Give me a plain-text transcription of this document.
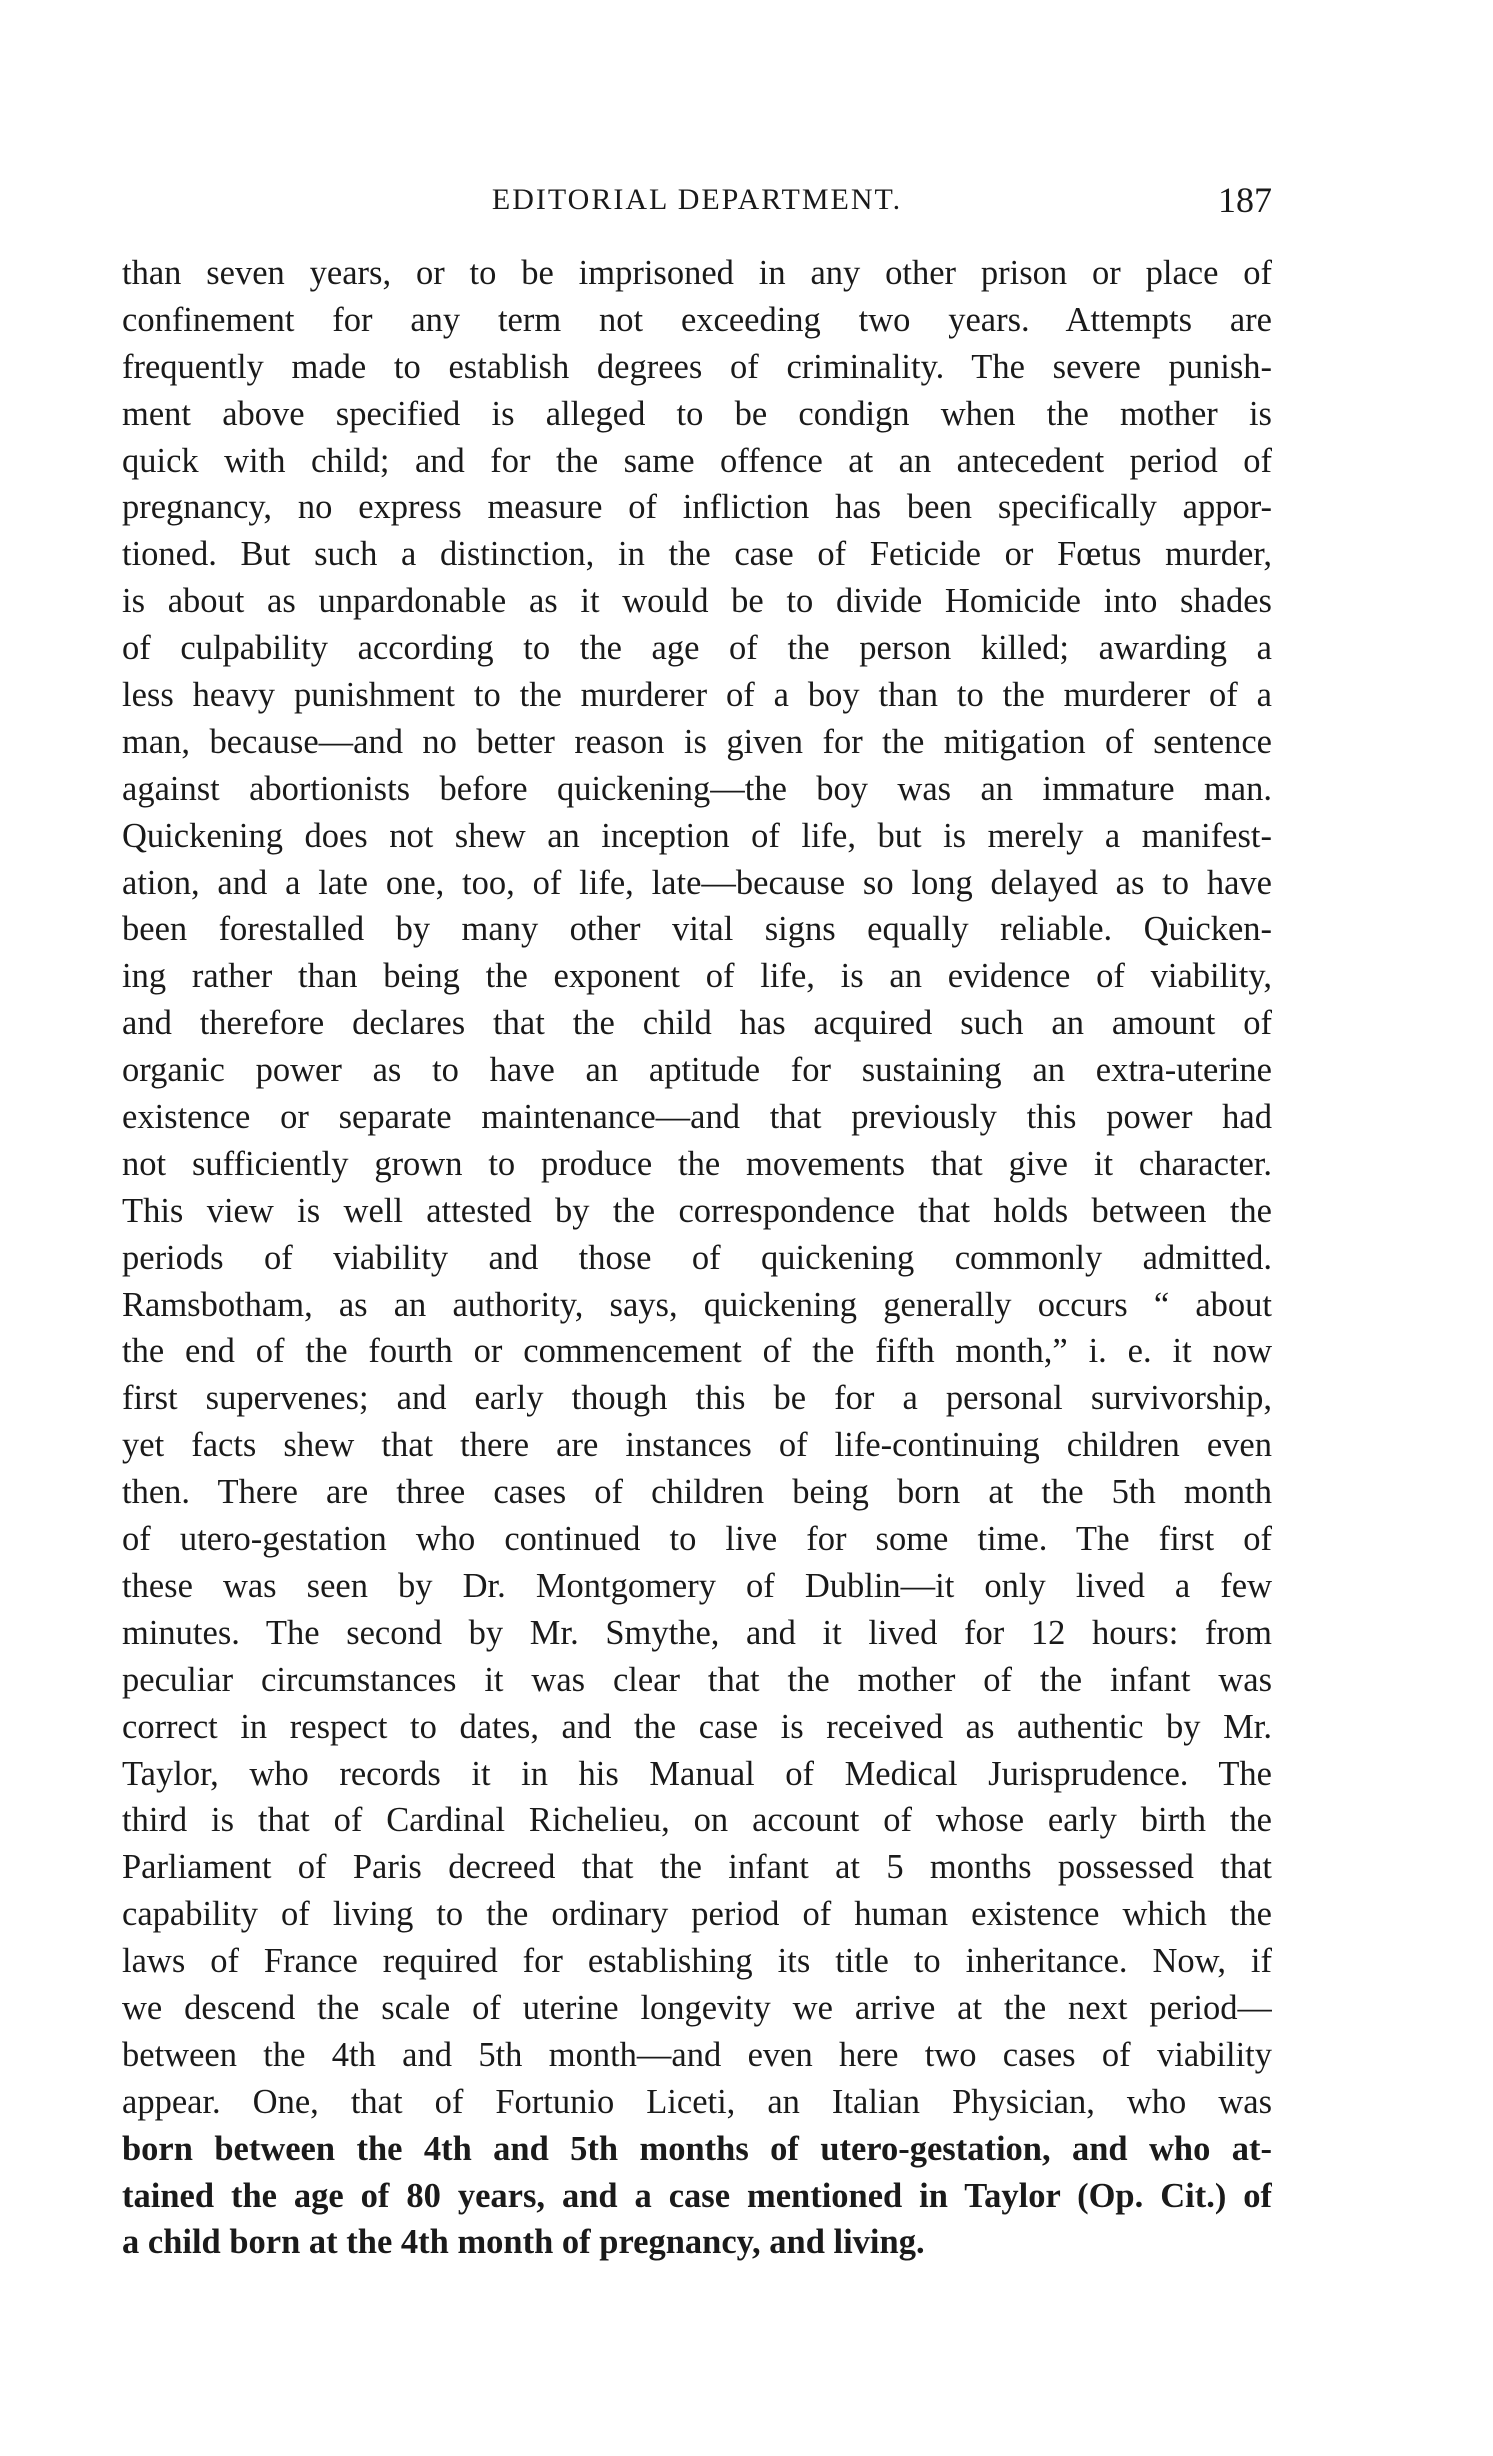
EDITORIAL DEPARTMENT.	187
than seven years, or to be imprisoned in any other prison or place of
confinement for any term not exceeding two years. Attempts are
frequently made to establish degrees of criminality. The severe punish-
ment above specified is alleged to be condign when the mother is
quick with child; and for the same offence at an antecedent period of
pregnancy, no express measure of infliction has been specifically appor-
tioned. But such a distinction, in the case of Feticide or Fœtus murder,
is about as unpardonable as it would be to divide Homicide into shades
of culpability according to the age of the person killed; awarding a
less heavy punishment to the murderer of a boy than to the murderer of a
man, because—and no better reason is given for the mitigation of sentence
against abortionists before quickening—the boy was an immature man.
Quickening does not shew an inception of life, but is merely a manifest-
ation, and a late one, too, of life, late—because so long delayed as to have
been forestalled by many other vital signs equally reliable. Quicken-
ing rather than being the exponent of life, is an evidence of viability,
and therefore declares that the child has acquired such an amount of
organic power as to have an aptitude for sustaining an extra-uterine
existence or separate maintenance—and that previously this power had
not sufficiently grown to produce the movements that give it character.
This view is well attested by the correspondence that holds between the
periods of viability and those of quickening commonly admitted.
Ramsbotham, as an authority, says, quickening generally occurs “ about
the end of the fourth or commencement of the fifth month,” i. e. it now
first supervenes; and early though this be for a personal survivorship,
yet facts shew that there are instances of life-continuing children even
then. There are three cases of children being born at the 5th month
of utero-gestation who continued to live for some time. The first of
these was seen by Dr. Montgomery of Dublin—it only lived a few
minutes. The second by Mr. Smythe, and it lived for 12 hours: from
peculiar circumstances it was clear that the mother of the infant was
correct in respect to dates, and the case is received as authentic by Mr.
Taylor, who records it in his Manual of Medical Jurisprudence. The
third is that of Cardinal Richelieu, on account of whose early birth the
Parliament of Paris decreed that the infant at 5 months possessed that
capability of living to the ordinary period of human existence which the
laws of France required for establishing its title to inheritance. Now, if
we descend the scale of uterine longevity we arrive at the next period—
between the 4th and 5th month—and even here two cases of viability
appear. One, that of Fortunio Liceti, an Italian Physician, who was
born between the 4th and 5th months of utero-gestation, and who at-
tained the age of 80 years, and a case mentioned in Taylor (Op. Cit.) of
a child born at the 4th month of pregnancy, and living.
